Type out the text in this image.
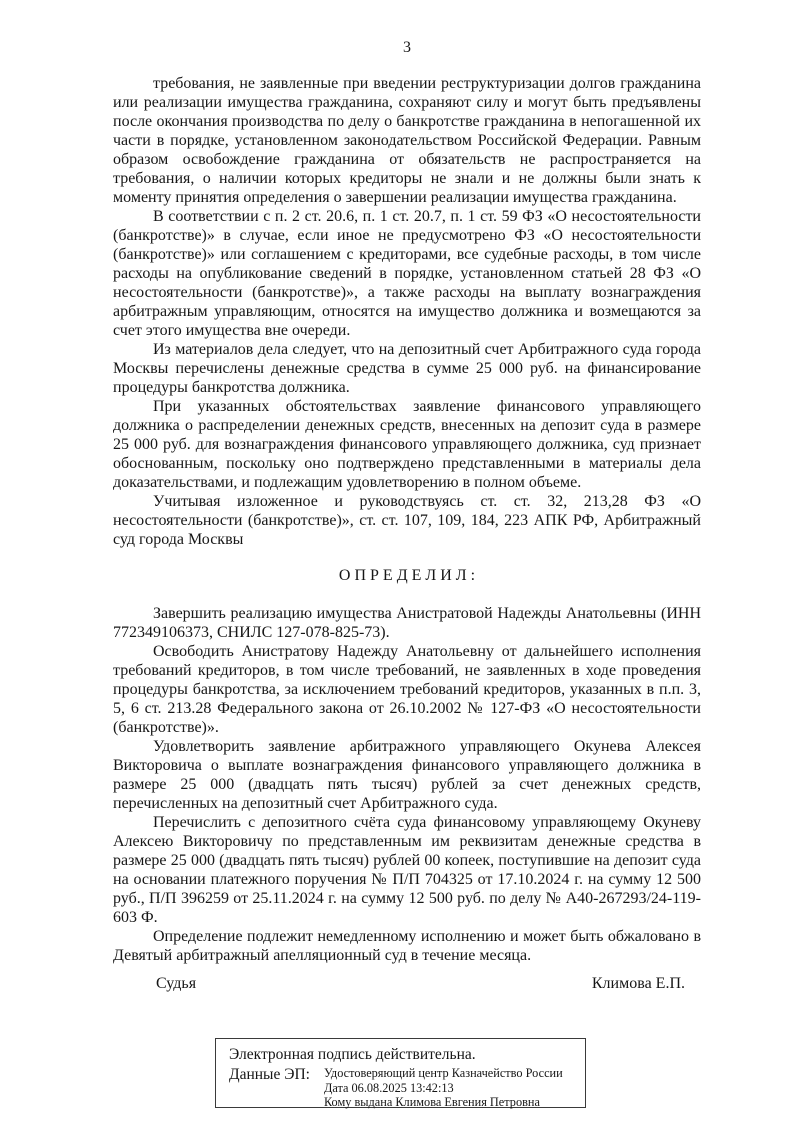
3

требования, не заявленные при введении реструктуризации долгов гражданина или реализации имущества гражданина, сохраняют силу и могут быть предъявлены после окончания производства по делу о банкротстве гражданина в непогашенной их части в порядке, установленном законодательством Российской Федерации. Равным образом освобождение гражданина от обязательств не распространяется на требования, о наличии которых кредиторы не знали и не должны были знать к моменту принятия определения о завершении реализации имущества гражданина.

В соответствии с п. 2 ст. 20.6, п. 1 ст. 20.7, п. 1 ст. 59 ФЗ «О несостоятельности (банкротстве)» в случае, если иное не предусмотрено ФЗ «О несостоятельности (банкротстве)» или соглашением с кредиторами, все судебные расходы, в том числе расходы на опубликование сведений в порядке, установленном статьей 28 ФЗ «О несостоятельности (банкротстве)», а также расходы на выплату вознаграждения арбитражным управляющим, относятся на имущество должника и возмещаются за счет этого имущества вне очереди.

Из материалов дела следует, что на депозитный счет Арбитражного суда города Москвы перечислены денежные средства в сумме 25 000 руб. на финансирование процедуры банкротства должника.

При указанных обстоятельствах заявление финансового управляющего должника о распределении денежных средств, внесенных на депозит суда в размере 25 000 руб. для вознаграждения финансового управляющего должника, суд признает обоснованным, поскольку оно подтверждено представленными в материалы дела доказательствами, и подлежащим удовлетворению в полном объеме.

Учитывая изложенное и руководствуясь ст. ст. 32, 213,28 ФЗ «О несостоятельности (банкротстве)», ст. ст. 107, 109, 184, 223 АПК РФ, Арбитражный суд города Москвы

О П Р Е Д Е Л И Л :

Завершить реализацию имущества Анистратовой Надежды Анатольевны (ИНН 772349106373, СНИЛС 127-078-825-73).

Освободить Анистратову Надежду Анатольевну от дальнейшего исполнения требований кредиторов, в том числе требований, не заявленных в ходе проведения процедуры банкротства, за исключением требований кредиторов, указанных в п.п. 3, 5, 6 ст. 213.28 Федерального закона от 26.10.2002 № 127-ФЗ «О несостоятельности (банкротстве)».

Удовлетворить заявление арбитражного управляющего Окунева Алексея Викторовича о выплате вознаграждения финансового управляющего должника в размере 25 000 (двадцать пять тысяч) рублей за счет денежных средств, перечисленных на депозитный счет Арбитражного суда.

Перечислить с депозитного счёта суда финансовому управляющему Окуневу Алексею Викторовичу по представленным им реквизитам денежные средства в размере 25 000 (двадцать пять тысяч) рублей 00 копеек, поступившие на депозит суда на основании платежного поручения № П/П 704325 от 17.10.2024 г. на сумму 12 500 руб., П/П 396259 от 25.11.2024 г. на сумму 12 500 руб. по делу № А40-267293/24-119-603 Ф.

Определение подлежит немедленному исполнению и может быть обжаловано в Девятый арбитражный апелляционный суд в течение месяца.

Судья	Климова Е.П.
Электронная подпись действительна.
Данные ЭП: Удостоверяющий центр Казначейство России
Дата 06.08.2025 13:42:13
Кому выдана Климова Евгения Петровна
